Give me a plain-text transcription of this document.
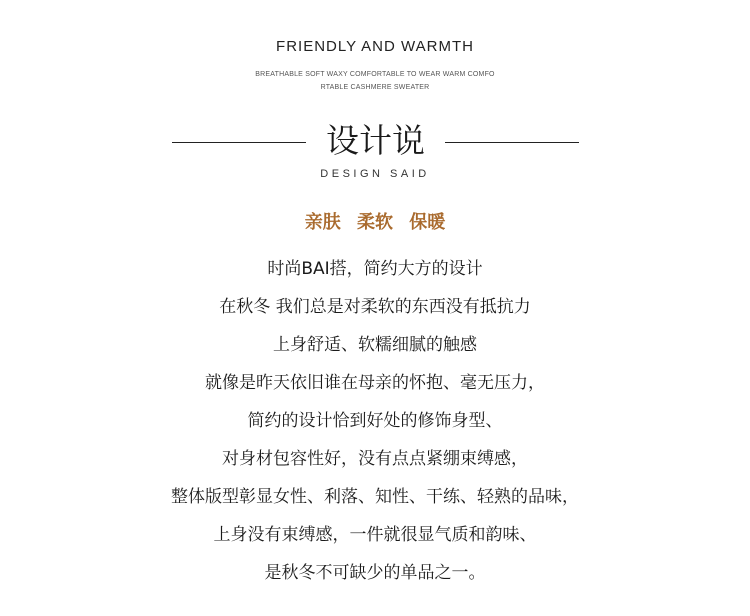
FRIENDLY AND WARMTH
BREATHABLE SOFT WAXY COMFORTABLE TO WEAR WARM COMFO
RTABLE CASHMERE SWEATER
设计说
DESIGN SAID
亲肤 柔软 保暖
时尚BAI搭，简约大方的设计
在秋冬 我们总是对柔软的东西没有抵抗力
上身舒适、软糯细腻的触感
就像是昨天依旧谁在母亲的怀抱、毫无压力，
简约的设计恰到好处的修饰身型、
对身材包容性好，没有点点紧绷束缚感，
整体版型彰显女性、利落、知性、干练、轻熟的品味，
上身没有束缚感，一件就很显气质和韵味、
是秋冬不可缺少的单品之一。
